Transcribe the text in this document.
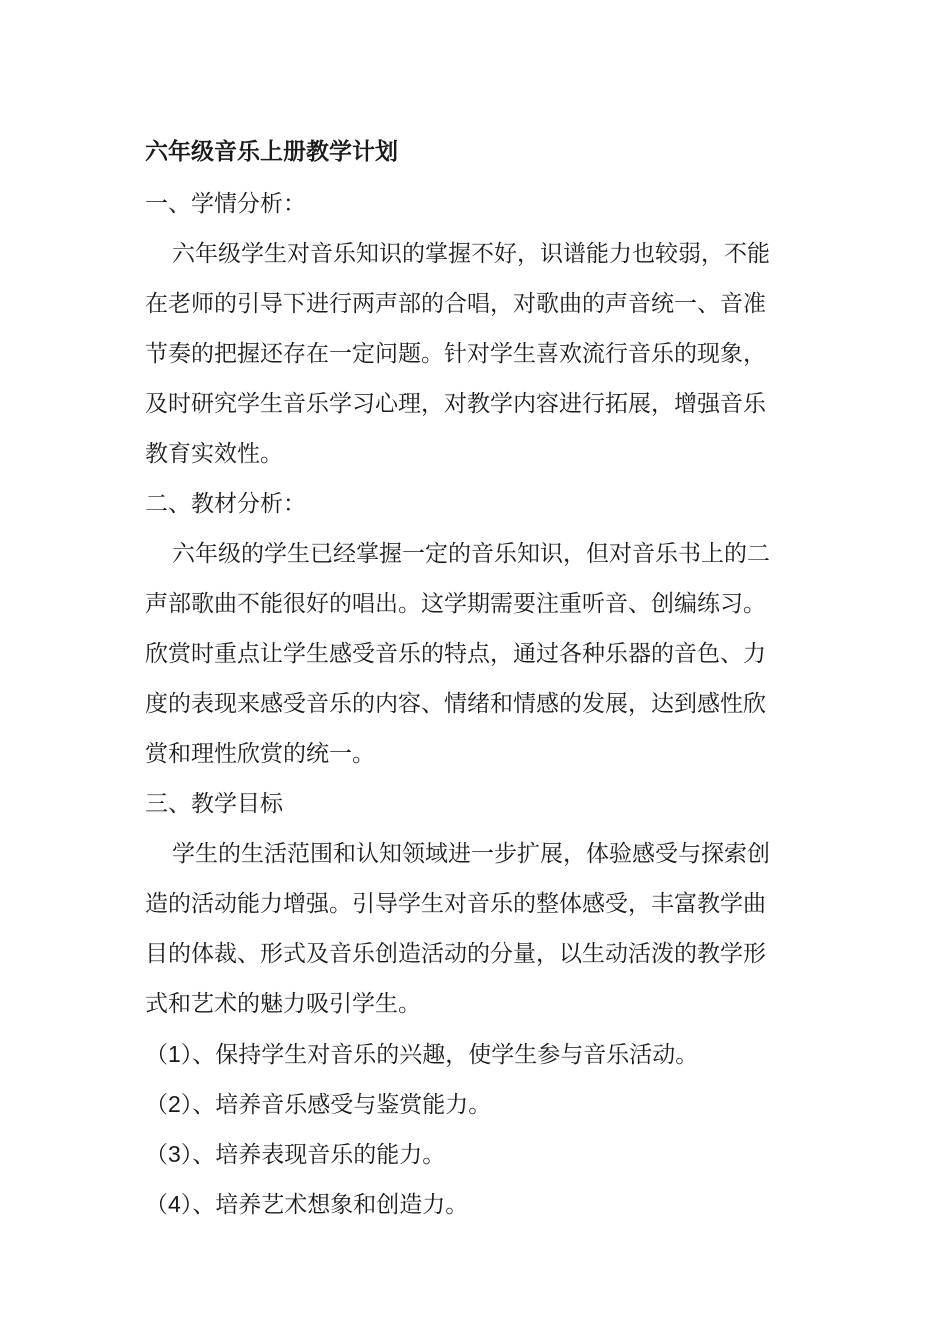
六年级音乐上册教学计划
一、学情分析：
六年级学生对音乐知识的掌握不好，识谱能力也较弱，不能
在老师的引导下进行两声部的合唱，对歌曲的声音统一、音准
节奏的把握还存在一定问题。针对学生喜欢流行音乐的现象，
及时研究学生音乐学习心理，对教学内容进行拓展，增强音乐
教育实效性。
二、教材分析：
六年级的学生已经掌握一定的音乐知识，但对音乐书上的二
声部歌曲不能很好的唱出。这学期需要注重听音、创编练习。
欣赏时重点让学生感受音乐的特点，通过各种乐器的音色、力
度的表现来感受音乐的内容、情绪和情感的发展，达到感性欣
赏和理性欣赏的统一。
三、教学目标
学生的生活范围和认知领域进一步扩展，体验感受与探索创
造的活动能力增强。引导学生对音乐的整体感受，丰富教学曲
目的体裁、形式及音乐创造活动的分量，以生动活泼的教学形
式和艺术的魅力吸引学生。
（1）、保持学生对音乐的兴趣，使学生参与音乐活动。
（2）、培养音乐感受与鉴赏能力。
（3）、培养表现音乐的能力。
（4）、培养艺术想象和创造力。
